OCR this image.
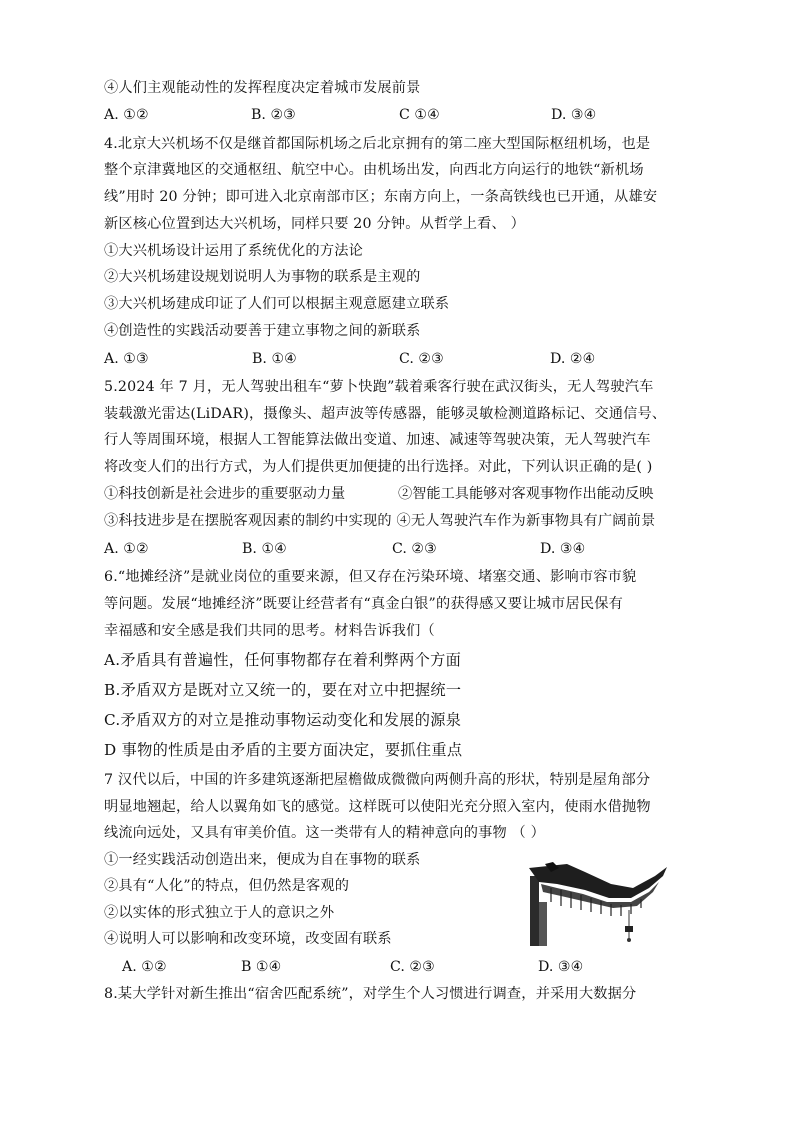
④人们主观能动性的发挥程度决定着城市发展前景
A. ①②	B. ②③	C ①④	D. ③④
4.北京大兴机场不仅是继首都国际机场之后北京拥有的第二座大型国际枢纽机场，也是
整个京津冀地区的交通枢纽、航空中心。由机场出发，向西北方向运行的地铁“新机场
线”用时 20 分钟；即可进入北京南部市区；东南方向上，一条高铁线也已开通，从雄安
新区核心位置到达大兴机场，同样只要 20 分钟。从哲学上看、 ）
①大兴机场设计运用了系统优化的方法论
②大兴机场建设规划说明人为事物的联系是主观的
③大兴机场建成印证了人们可以根据主观意愿建立联系
④创造性的实践活动要善于建立事物之间的新联系
A. ①③	B. ①④	C. ②③	D. ②④
5.2024 年 7 月，无人驾驶出租车“萝卜快跑”载着乘客行驶在武汉街头，无人驾驶汽车
装载激光雷达(LiDAR)，摄像头、超声波等传感器，能够灵敏检测道路标记、交通信号、
行人等周围环境，根据人工智能算法做出变道、加速、减速等驾驶决策，无人驾驶汽车
将改变人们的出行方式，为人们提供更加便捷的出行选择。对此，下列认识正确的是( )
①科技创新是社会进步的重要驱动力量	②智能工具能够对客观事物作出能动反映
③科技进步是在摆脱客观因素的制约中实现的 ④无人驾驶汽车作为新事物具有广阔前景
A. ①②	B. ①④	C. ②③	D. ③④
6.“地摊经济”是就业岗位的重要来源，但又存在污染环境、堵塞交通、影响市容市貌
等问题。发展“地摊经济”既要让经营者有“真金白银”的获得感又要让城市居民保有
幸福感和安全感是我们共同的思考。材料告诉我们（
A.矛盾具有普遍性，任何事物都存在着利弊两个方面
B.矛盾双方是既对立又统一的，要在对立中把握统一
C.矛盾双方的对立是推动事物运动变化和发展的源泉
D 事物的性质是由矛盾的主要方面决定，要抓住重点
7 汉代以后，中国的许多建筑逐渐把屋檐做成微微向两侧升高的形状，特别是屋角部分
明显地翘起，给人以翼角如飞的感觉。这样既可以使阳光充分照入室内，使雨水借抛物
线流向远处，又具有审美价值。这一类带有人的精神意向的事物 （ ）
①一经实践活动创造出来，便成为自在事物的联系
②具有“人化”的特点，但仍然是客观的
②以实体的形式独立于人的意识之外
④说明人可以影响和改变环境，改变固有联系
A. ①②	B ①④	C. ②③	D. ③④
8.某大学针对新生推出“宿舍匹配系统”，对学生个人习惯进行调查，并采用大数据分
